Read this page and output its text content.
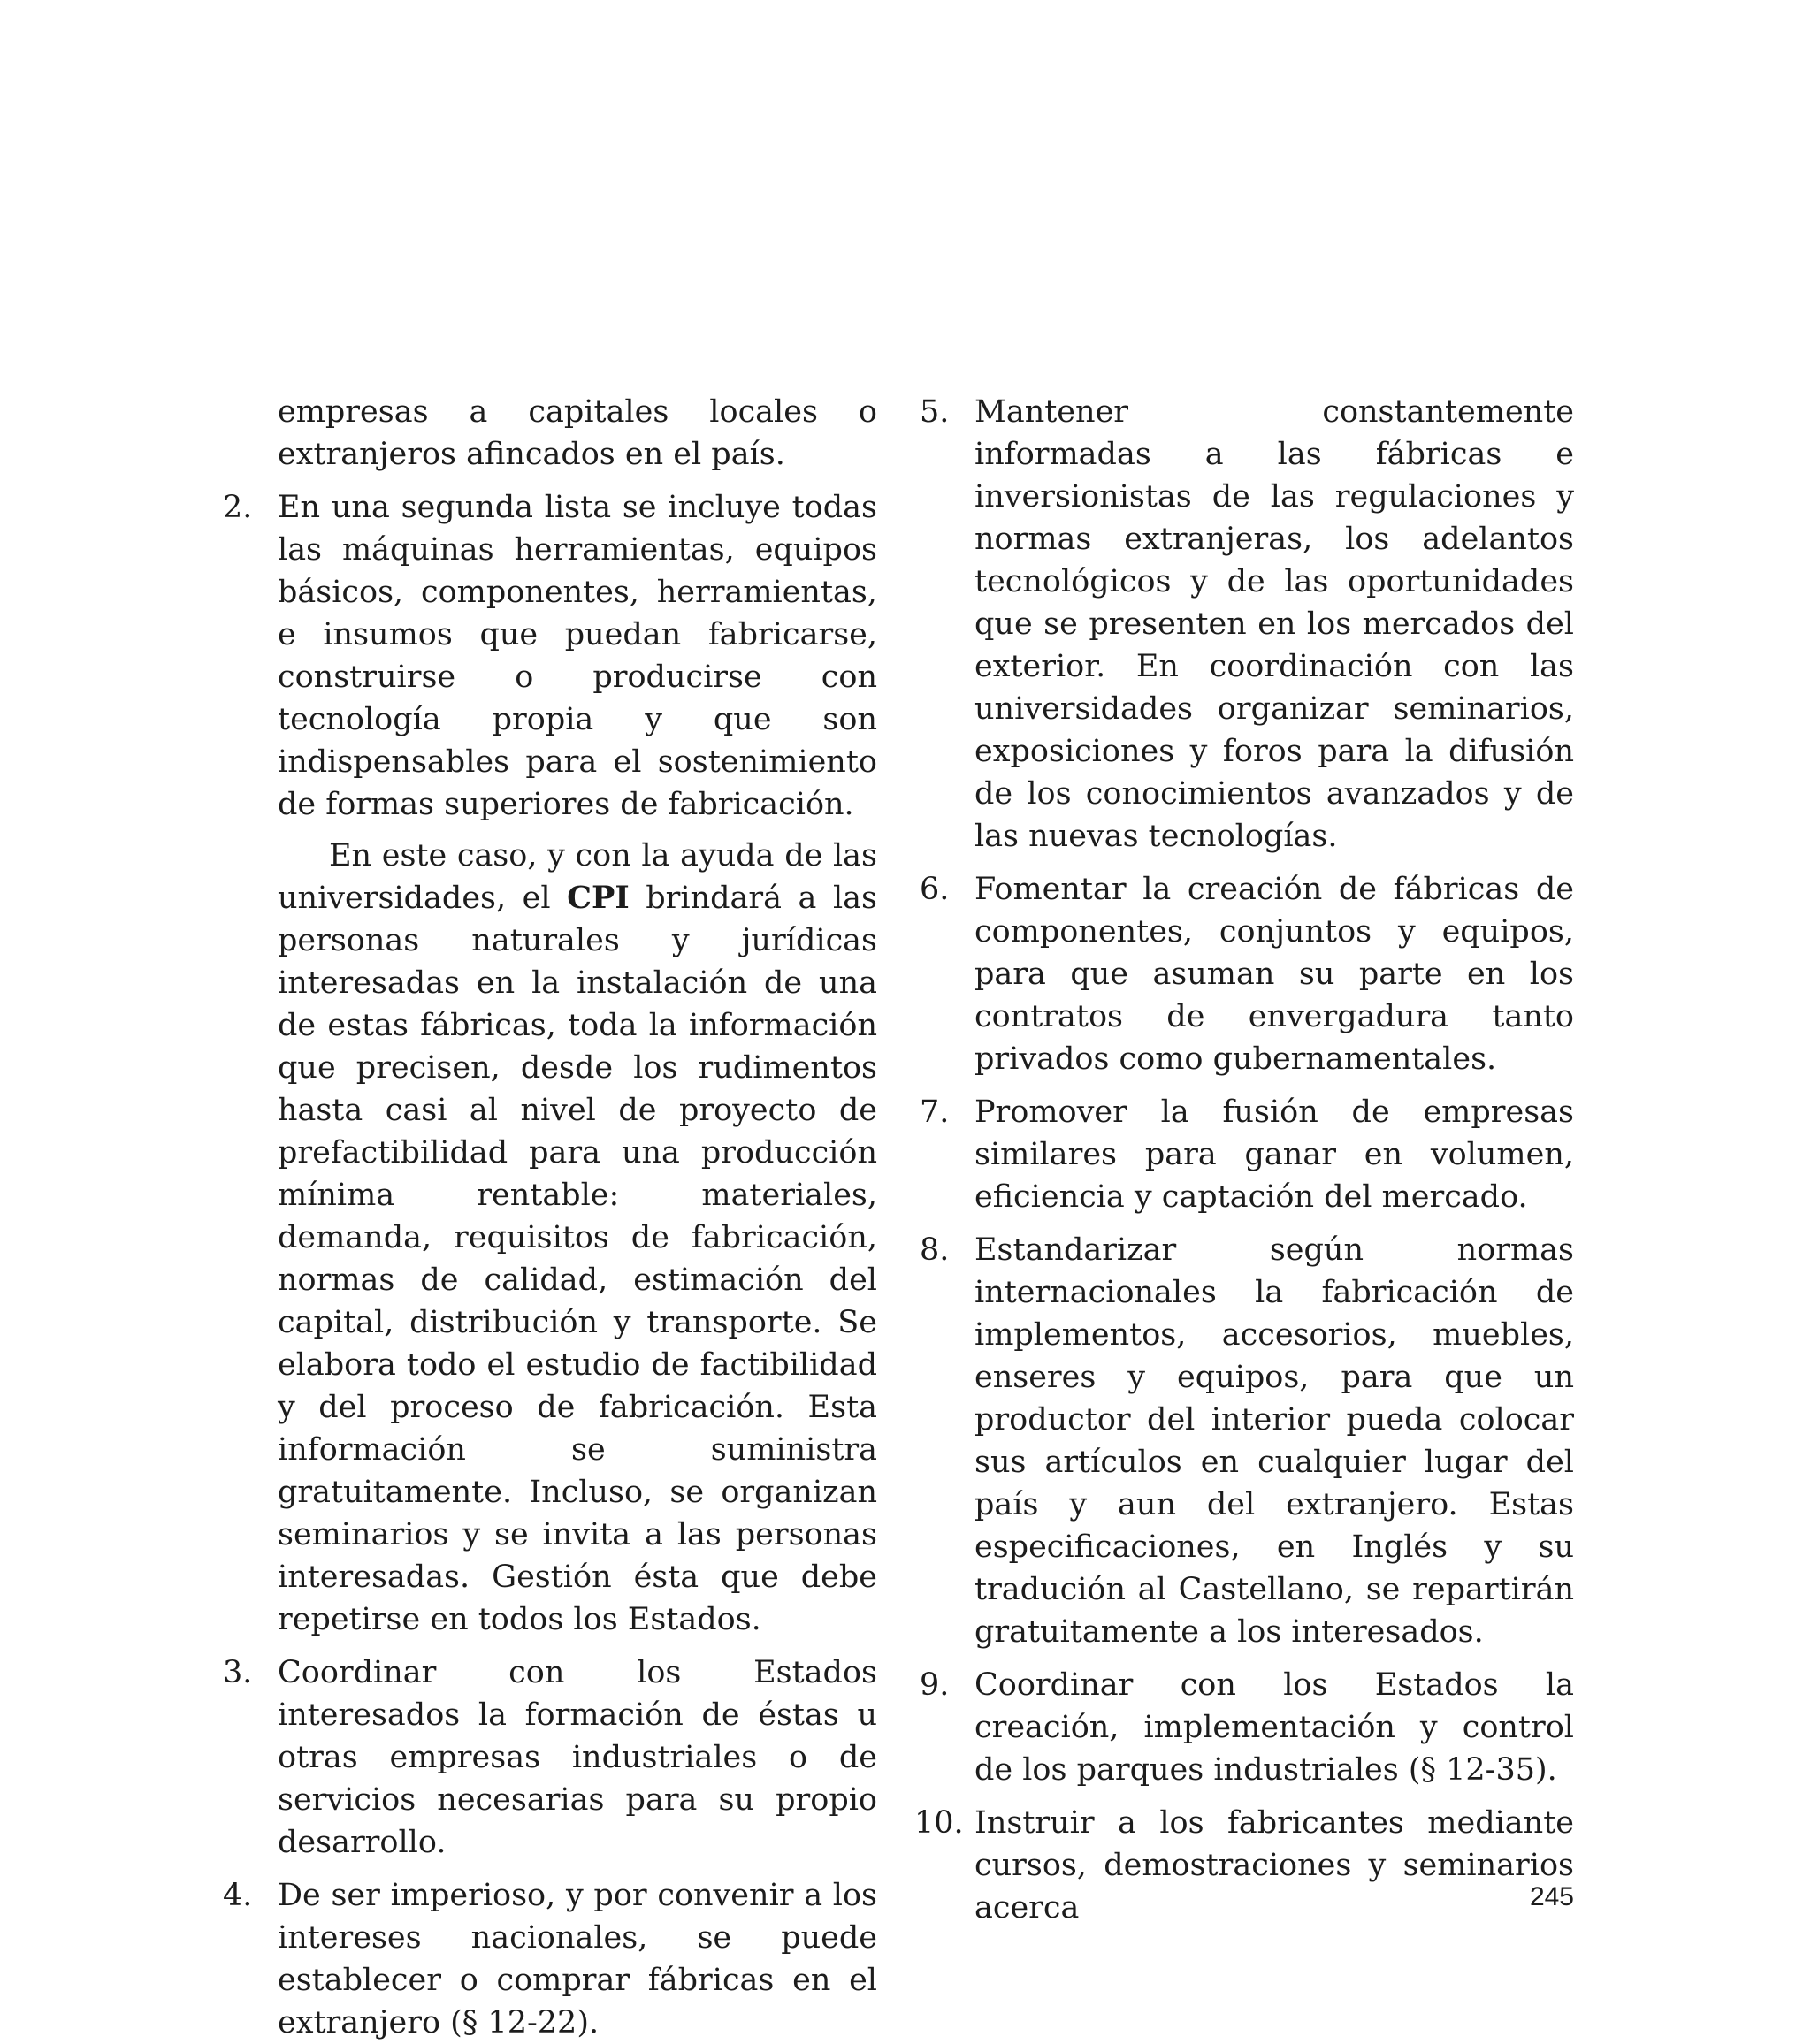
empresas a capitales locales o extranjeros afincados en el país.

2. En una segunda lista se incluye todas las máquinas herramientas, equipos básicos, componentes, herramientas, e insumos que puedan fabricarse, construirse o producirse con tecnología propia y que son indispensables para el sostenimiento de formas superiores de fabricación.

En este caso, y con la ayuda de las universidades, el CPI brindará a las personas naturales y jurídicas interesadas en la instalación de una de estas fábricas, toda la información que precisen, desde los rudimentos hasta casi al nivel de proyecto de prefactibilidad para una producción mínima rentable: materiales, demanda, requisitos de fabricación, normas de calidad, estimación del capital, distribución y transporte. Se elabora todo el estudio de factibilidad y del proceso de fabricación. Esta información se suministra gratuitamente. Incluso, se organizan seminarios y se invita a las personas interesadas. Gestión ésta que debe repetirse en todos los Estados.

3. Coordinar con los Estados interesados la formación de éstas u otras empresas industriales o de servicios necesarias para su propio desarrollo.
4. De ser imperioso, y por convenir a los intereses nacionales, se puede establecer o comprar fábricas en el extranjero (§ 12-22).
5. Mantener constantemente informadas a las fábricas e inversionistas de las regulaciones y normas extranjeras, los adelantos tecnológicos y de las oportunidades que se presenten en los mercados del exterior. En coordinación con las universidades organizar seminarios, exposiciones y foros para la difusión de los conocimientos avanzados y de las nuevas tecnologías.
6. Fomentar la creación de fábricas de componentes, conjuntos y equipos, para que asuman su parte en los contratos de envergadura tanto privados como gubernamentales.
7. Promover la fusión de empresas similares para ganar en volumen, eficiencia y captación del mercado.
8. Estandarizar según normas internacionales la fabricación de implementos, accesorios, muebles, enseres y equipos, para que un productor del interior pueda colocar sus artículos en cualquier lugar del país y aun del extranjero. Estas especificaciones, en Inglés y su tradución al Castellano, se repartirán gratuitamente a los interesados.
9. Coordinar con los Estados la creación, implementación y control de los parques industriales (§ 12-35).
10. Instruir a los fabricantes mediante cursos, demostraciones y seminarios acerca	245
